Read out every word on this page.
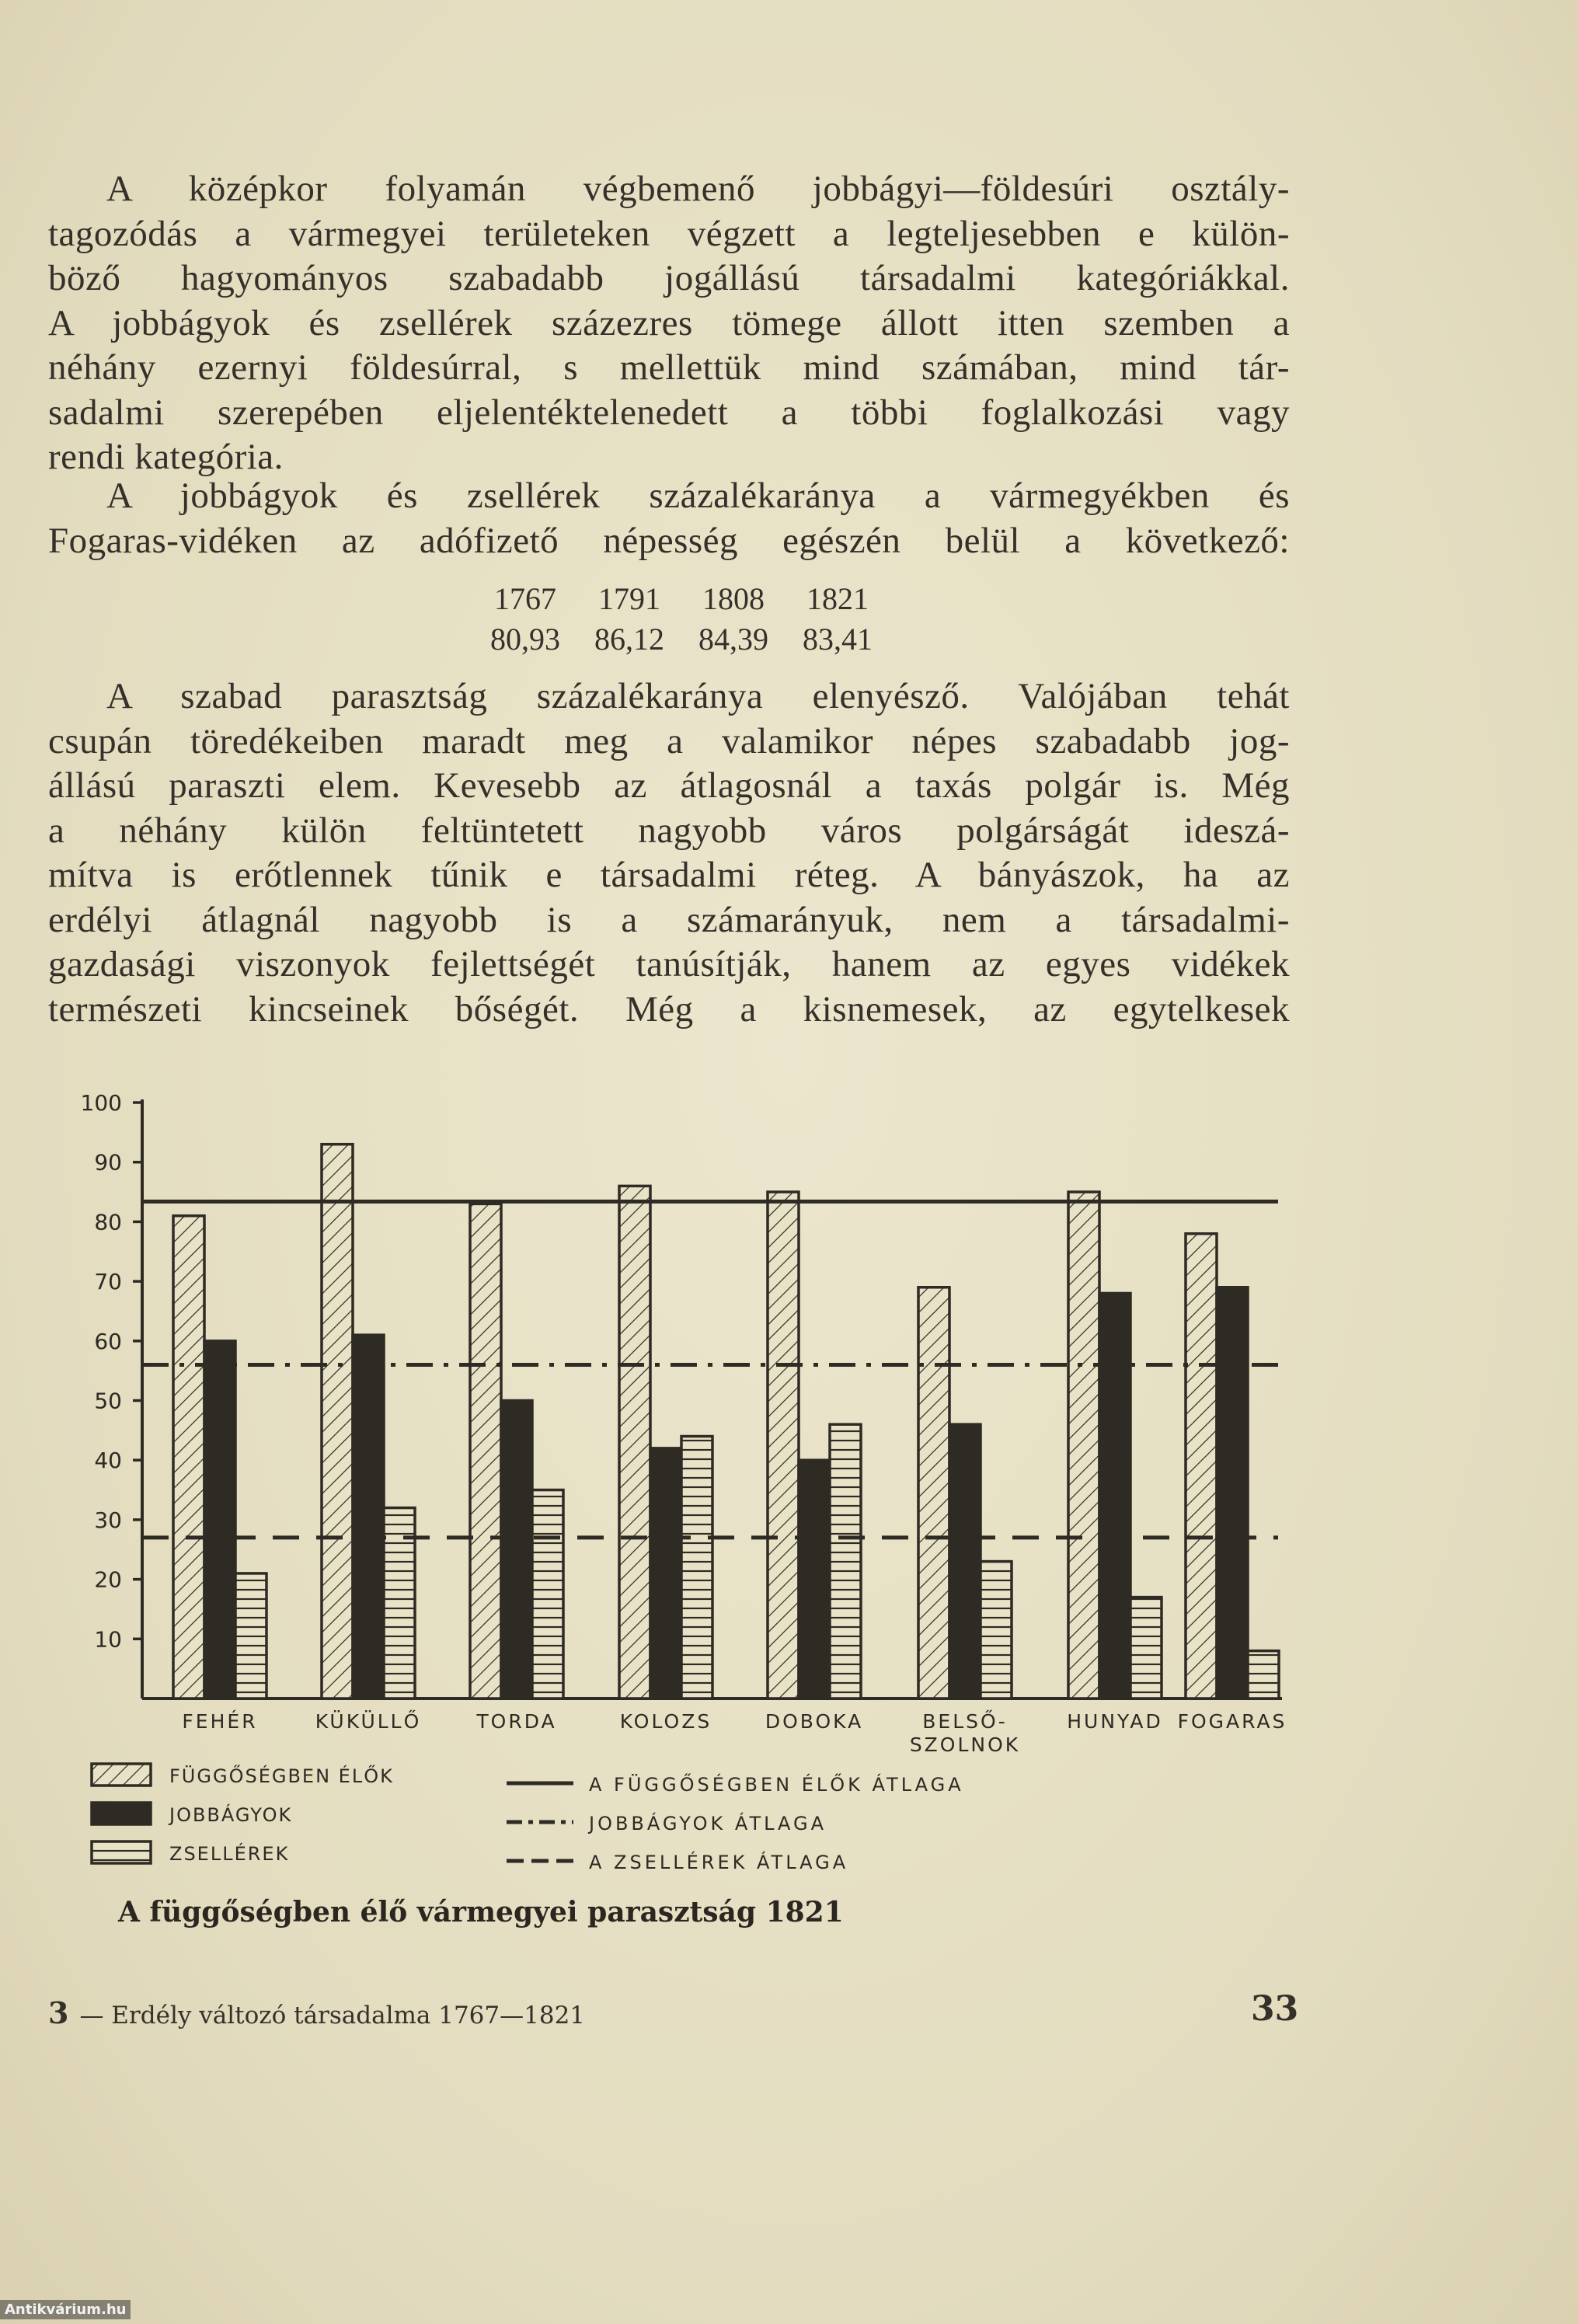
A középkor folyamán végbemenő jobbágyi—földesúri osztály-
tagozódás a vármegyei területeken végzett a legteljesebben e külön-
böző hagyományos szabadabb jogállású társadalmi kategóriákkal.
A jobbágyok és zsellérek százezres tömege állott itten szemben a
néhány ezernyi földesúrral, s mellettük mind számában, mind tár-
sadalmi szerepében eljelentéktelenedett a többi foglalkozási vagy
rendi kategória.
A jobbágyok és zsellérek százalékaránya a vármegyékben és
Fogaras-vidéken az adófizető népesség egészén belül a következő:
1767	1791	1808	1821
80,93 86,12 84,39 83,41
A szabad parasztság százalékaránya elenyésző. Valójában tehát
csupán töredékeiben maradt meg a valamikor népes szabadabb jog-
állású paraszti elem. Kevesebb az átlagosnál a taxás polgár is. Még
a néhány külön feltüntetett nagyobb város polgárságát ideszá-
mítva is erőtlennek tűnik e társadalmi réteg. A bányászok, ha az
erdélyi átlagnál nagyobb is a számarányuk, nem a társadalmi-
gazdasági viszonyok fejlettségét tanúsítják, hanem az egyes vidékek
természeti kincseinek bőségét. Még a kisnemesek, az egytelkesek
10
20
30
40
50
60
70
80
90
100
FEHÉR	KÜKÜLLŐ	TORDA	KOLOZS	DOBOKA	BELSŐ-
SZOLNOK
HUNYAD FOGARAS
FÜGGŐSÉGBEN ÉLŐK
JOBBÁGYOK
ZSELLÉREK
A FÜGGŐSÉGBEN ÉLŐK ÁTLAGA
JOBBÁGYOK ÁTLAGA
A ZSELLÉREK ÁTLAGA
A függőségben élő vármegyei parasztság 1821
3 — Erdély változó társadalma 1767—1821	33
Antikvárium.hu
